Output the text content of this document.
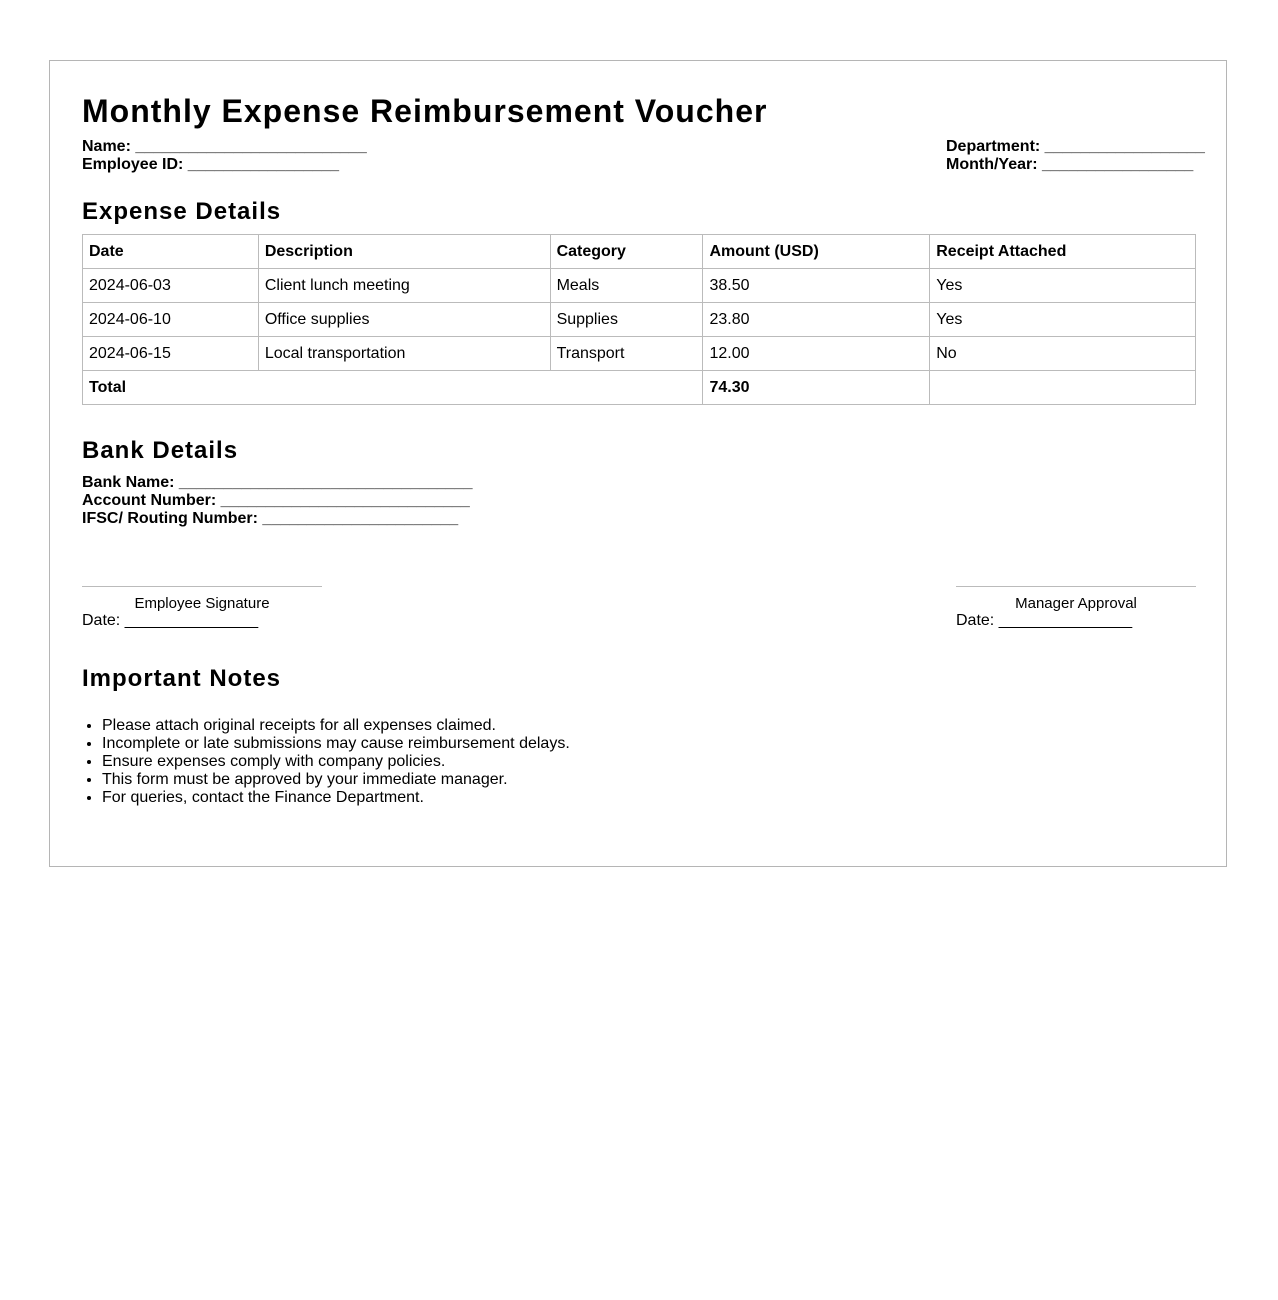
Monthly Expense Reimbursement Voucher
Name: __________________________
Employee ID: _________________
Department: __________________
Month/Year: _________________
Expense Details
Date	Description	Category	Amount (USD)	Receipt Attached
2024-06-03	Client lunch meeting	Meals	38.50	Yes
2024-06-10	Office supplies	Supplies	23.80	Yes
2024-06-15	Local transportation	Transport	12.00	No
Total			74.30	
Bank Details
Bank Name: _________________________________
Account Number: ____________________________
IFSC/ Routing Number: ______________________
Employee Signature
Date: _______________
Manager Approval
Date: _______________
Important Notes
• Please attach original receipts for all expenses claimed.
• Incomplete or late submissions may cause reimbursement delays.
• Ensure expenses comply with company policies.
• This form must be approved by your immediate manager.
• For queries, contact the Finance Department.
